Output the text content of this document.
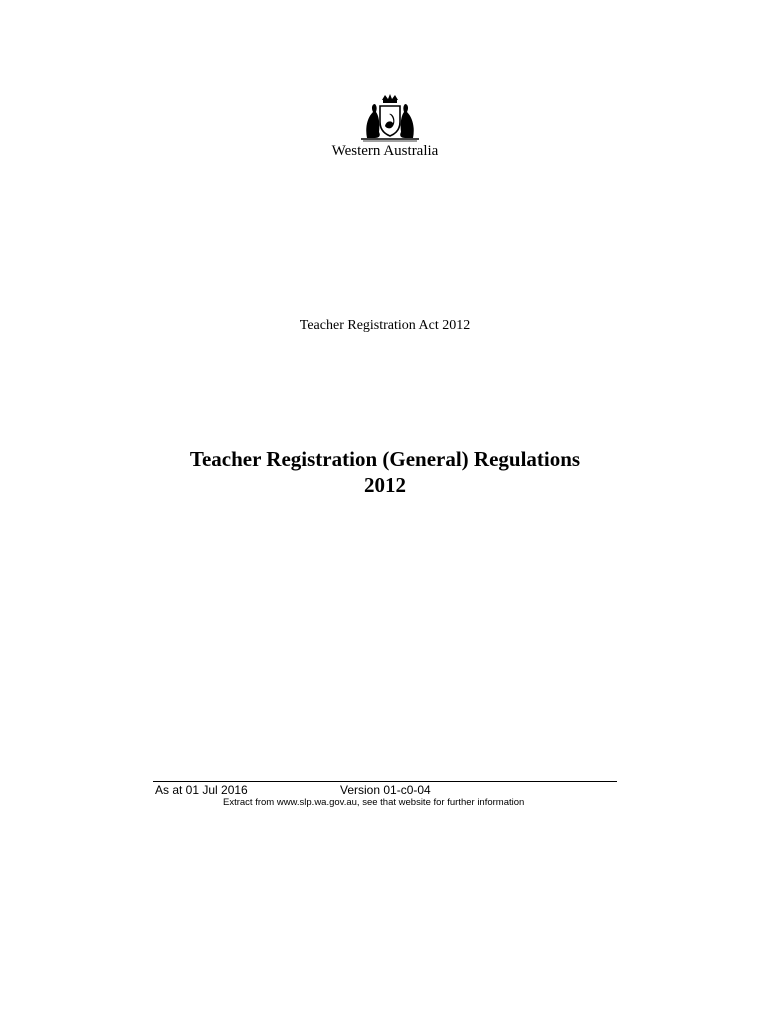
Western Australia
Teacher Registration Act 2012
Teacher Registration (General) Regulations
2012
As at 01 Jul 2016	Version 01-c0-04
Extract from www.slp.wa.gov.au, see that website for further information
